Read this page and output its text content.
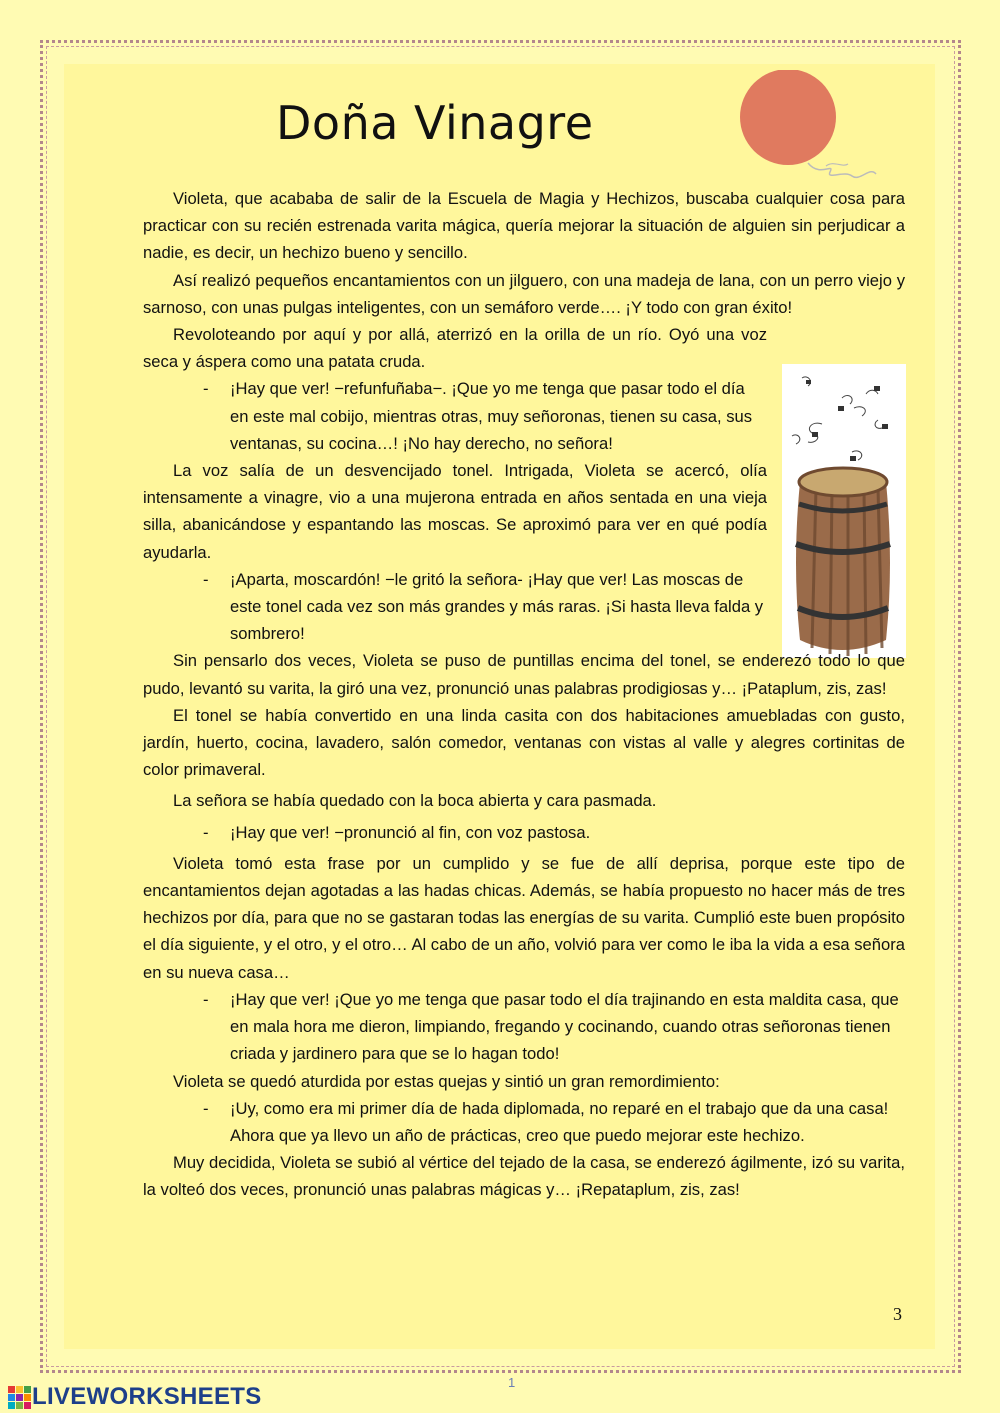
Doña Vinagre

Violeta, que acababa de salir de la Escuela de Magia y Hechizos, buscaba cualquier cosa para practicar con su recién estrenada varita mágica, quería mejorar la situación de alguien sin perjudicar a nadie, es decir, un hechizo bueno y sencillo.

Así realizó pequeños encantamientos con un jilguero, con una madeja de lana, con un perro viejo y sarnoso, con unas pulgas inteligentes, con un semáforo verde…. ¡Y todo con gran éxito!

Revoloteando por aquí y por allá, aterrizó en la orilla de un río. Oyó una voz seca y áspera como una patata cruda.

- ¡Hay que ver! −refunfuñaba−. ¡Que yo me tenga que pasar todo el día en este mal cobijo, mientras otras, muy señoronas, tienen su casa, sus ventanas, su cocina…! ¡No hay derecho, no señora!

La voz salía de un desvencijado tonel. Intrigada, Violeta se acercó, olía intensamente a vinagre, vio a una mujerona entrada en años sentada en una vieja silla, abanicándose y espantando las moscas. Se aproximó para ver en qué podía ayudarla.

- ¡Aparta, moscardón! −le gritó la señora- ¡Hay que ver! Las moscas de este tonel cada vez son más grandes y más raras. ¡Si hasta lleva falda y sombrero!

Sin pensarlo dos veces, Violeta se puso de puntillas encima del tonel, se enderezó todo lo que pudo, levantó su varita, la giró una vez, pronunció unas palabras prodigiosas y… ¡Pataplum, zis, zas!

El tonel se había convertido en una linda casita con dos habitaciones amuebladas con gusto, jardín, huerto, cocina, lavadero, salón comedor, ventanas con vistas al valle y alegres cortinitas de color primaveral.

La señora se había quedado con la boca abierta y cara pasmada.

- ¡Hay que ver! −pronunció al fin, con voz pastosa.

Violeta tomó esta frase por un cumplido y se fue de allí deprisa, porque este tipo de encantamientos dejan agotadas a las hadas chicas. Además, se había propuesto no hacer más de tres hechizos por día, para que no se gastaran todas las energías de su varita. Cumplió este buen propósito el día siguiente, y el otro, y el otro… Al cabo de un año, volvió para ver como le iba la vida a esa señora en su nueva casa…

- ¡Hay que ver! ¡Que yo me tenga que pasar todo el día trajinando en esta maldita casa, que en mala hora me dieron, limpiando, fregando y cocinando, cuando otras señoronas tienen criada y jardinero para que se lo hagan todo!

Violeta se quedó aturdida por estas quejas y sintió un gran remordimiento:

- ¡Uy, como era mi primer día de hada diplomada, no reparé en el trabajo que da una casa! Ahora que ya llevo un año de prácticas, creo que puedo mejorar este hechizo.

Muy decidida, Violeta se subió al vértice del tejado de la casa, se enderezó ágilmente, izó su varita, la volteó dos veces, pronunció unas palabras mágicas y… ¡Repataplum, zis, zas!

3
1
LIVEWORKSHEETS
